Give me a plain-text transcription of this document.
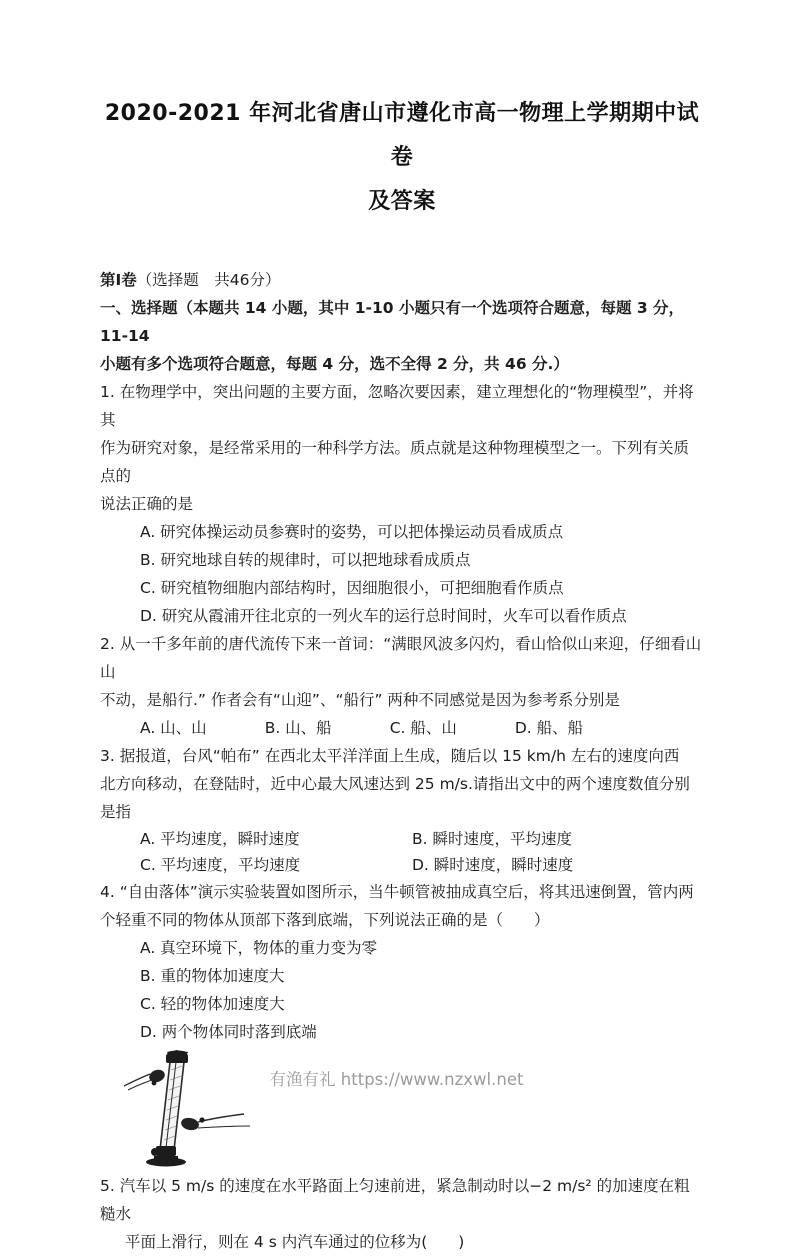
2020-2021 年河北省唐山市遵化市高一物理上学期期中试卷
及答案
第Ⅰ卷（选择题　共46分）
一、选择题（本题共 14 小题，其中 1-10 小题只有一个选项符合题意，每题 3 分， 11-14
小题有多个选项符合题意，每题 4 分，选不全得 2 分，共 46 分.）
1. 在物理学中，突出问题的主要方面，忽略次要因素，建立理想化的“物理模型”，并将其
作为研究对象，是经常采用的一种科学方法。质点就是这种物理模型之一。下列有关质点的
说法正确的是
A. 研究体操运动员参赛时的姿势，可以把体操运动员看成质点
B. 研究地球自转的规律时，可以把地球看成质点
C. 研究植物细胞内部结构时，因细胞很小，可把细胞看作质点
D. 研究从霞浦开往北京的一列火车的运行总时间时，火车可以看作质点
2. 从一千多年前的唐代流传下来一首词：“满眼风波多闪灼，看山恰似山来迎，仔细看山山
不动，是船行.” 作者会有“山迎”、“船行” 两种不同感觉是因为参考系分别是
A. 山、山	B. 山、船	C. 船、山	D. 船、船
3. 据报道，台风“帕布” 在西北太平洋洋面上生成，随后以 15 km/h 左右的速度向西
北方向移动，在登陆时，近中心最大风速达到 25 m/s.请指出文中的两个速度数值分别是指
A. 平均速度，瞬时速度	B. 瞬时速度，平均速度
C. 平均速度，平均速度	D. 瞬时速度，瞬时速度
4. “自由落体”演示实验装置如图所示，当牛顿管被抽成真空后，将其迅速倒置，管内两
个轻重不同的物体从顶部下落到底端，下列说法正确的是（　　）
A. 真空环境下，物体的重力变为零
B. 重的物体加速度大
C. 轻的物体加速度大
D. 两个物体同时落到底端
5. 汽车以 5 m/s 的速度在水平路面上匀速前进，紧急制动时以−2 m/s² 的加速度在粗糙水
平面上滑行，则在 4 s 内汽车通过的位移为(　　)
有渔有礼 https://www.nzxwl.net
